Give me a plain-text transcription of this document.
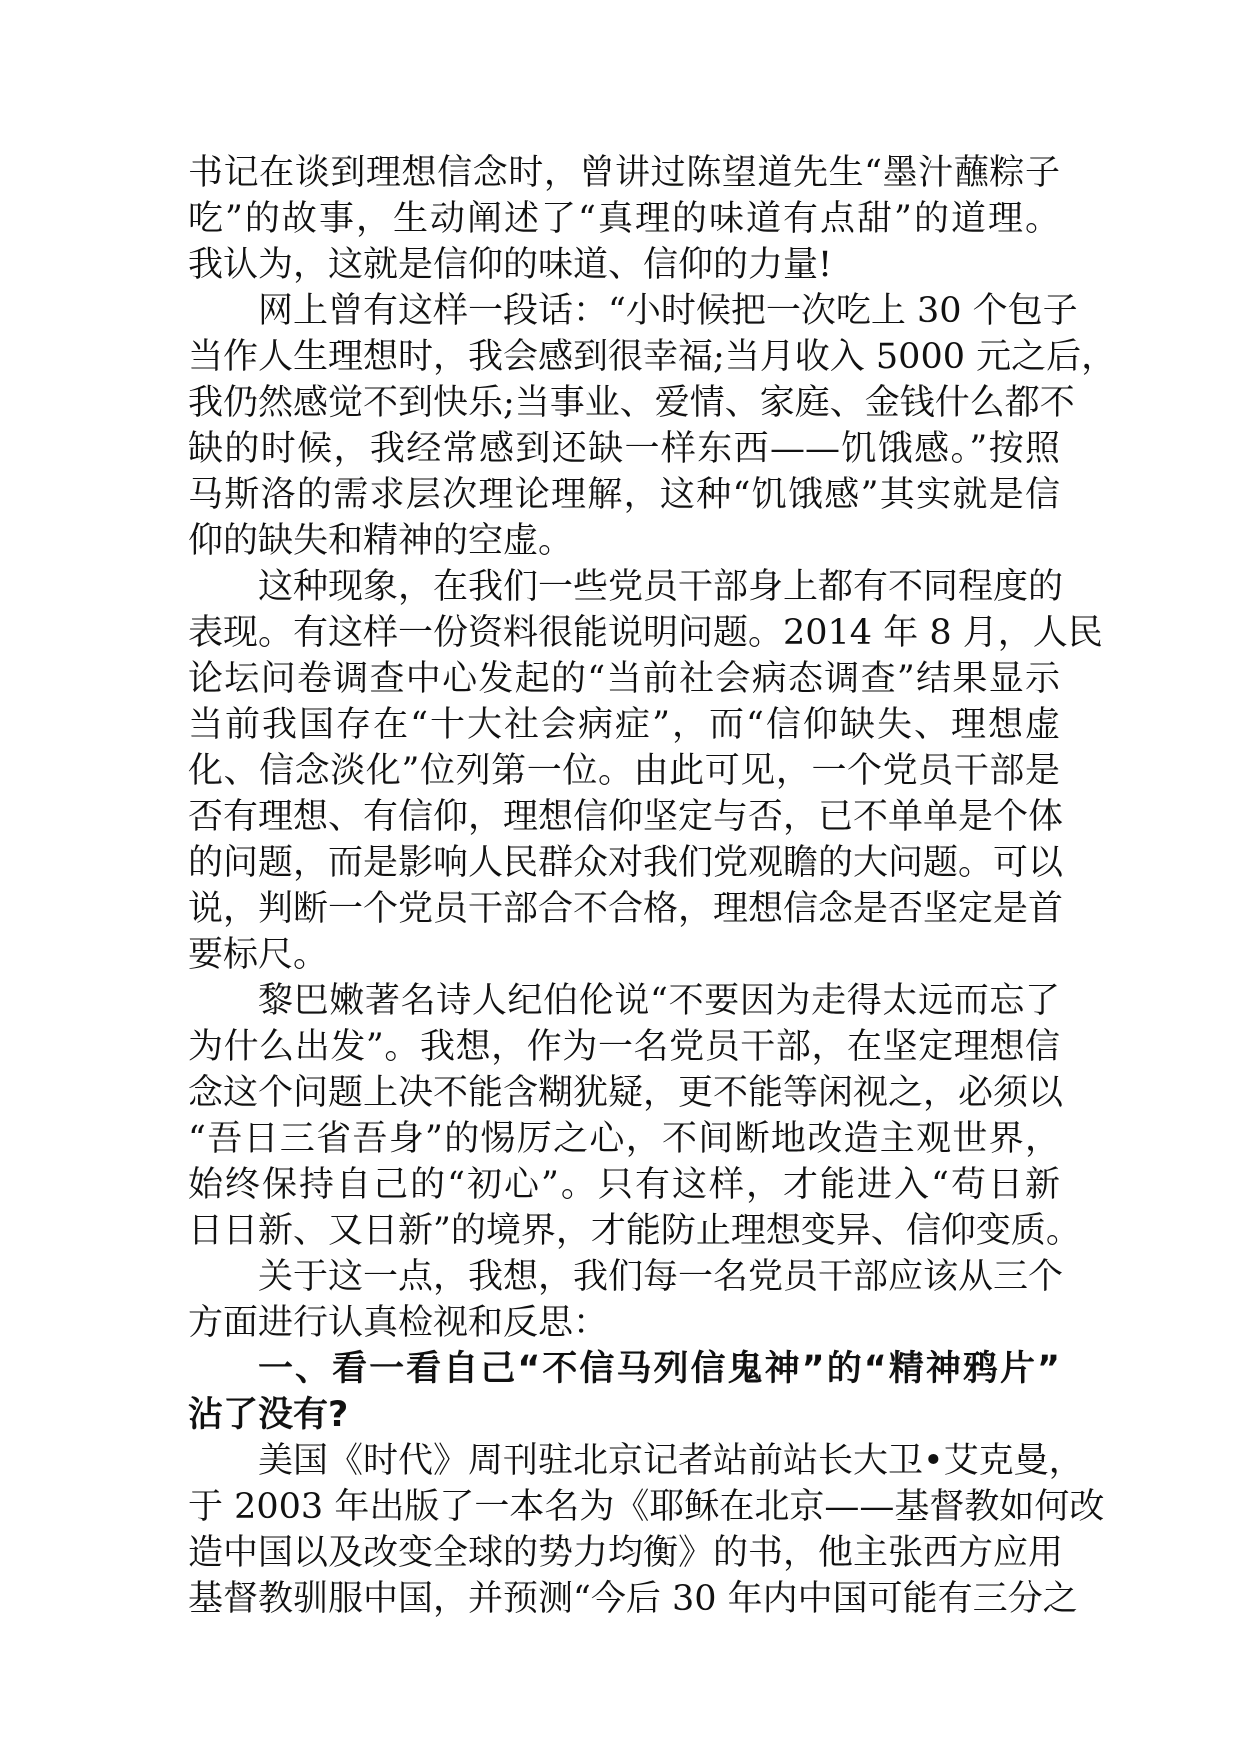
书记在谈到理想信念时，曾讲过陈望道先生“墨汁蘸粽子
吃”的故事，生动阐述了“真理的味道有点甜”的道理。
我认为，这就是信仰的味道、信仰的力量!
网上曾有这样一段话：“小时候把一次吃上 30 个包子
当作人生理想时，我会感到很幸福;当月收入 5000 元之后，
我仍然感觉不到快乐;当事业、爱情、家庭、金钱什么都不
缺的时候，我经常感到还缺一样东西——饥饿感。”按照
马斯洛的需求层次理论理解，这种“饥饿感”其实就是信
仰的缺失和精神的空虚。
这种现象，在我们一些党员干部身上都有不同程度的
表现。有这样一份资料很能说明问题。2014 年 8 月，人民
论坛问卷调查中心发起的“当前社会病态调查”结果显示
当前我国存在“十大社会病症”，而“信仰缺失、理想虚
化、信念淡化”位列第一位。由此可见，一个党员干部是
否有理想、有信仰，理想信仰坚定与否，已不单单是个体
的问题，而是影响人民群众对我们党观瞻的大问题。可以
说，判断一个党员干部合不合格，理想信念是否坚定是首
要标尺。
黎巴嫩著名诗人纪伯伦说“不要因为走得太远而忘了
为什么出发”。我想，作为一名党员干部，在坚定理想信
念这个问题上决不能含糊犹疑，更不能等闲视之，必须以
“吾日三省吾身”的惕厉之心，不间断地改造主观世界，
始终保持自己的“初心”。只有这样，才能进入“苟日新
日日新、又日新”的境界，才能防止理想变异、信仰变质。
关于这一点，我想，我们每一名党员干部应该从三个
方面进行认真检视和反思：
一、看一看自己“不信马列信鬼神”的“精神鸦片”
沾了没有?
美国《时代》周刊驻北京记者站前站长大卫•艾克曼，
于 2003 年出版了一本名为《耶稣在北京——基督教如何改
造中国以及改变全球的势力均衡》的书，他主张西方应用
基督教驯服中国，并预测“今后 30 年内中国可能有三分之
